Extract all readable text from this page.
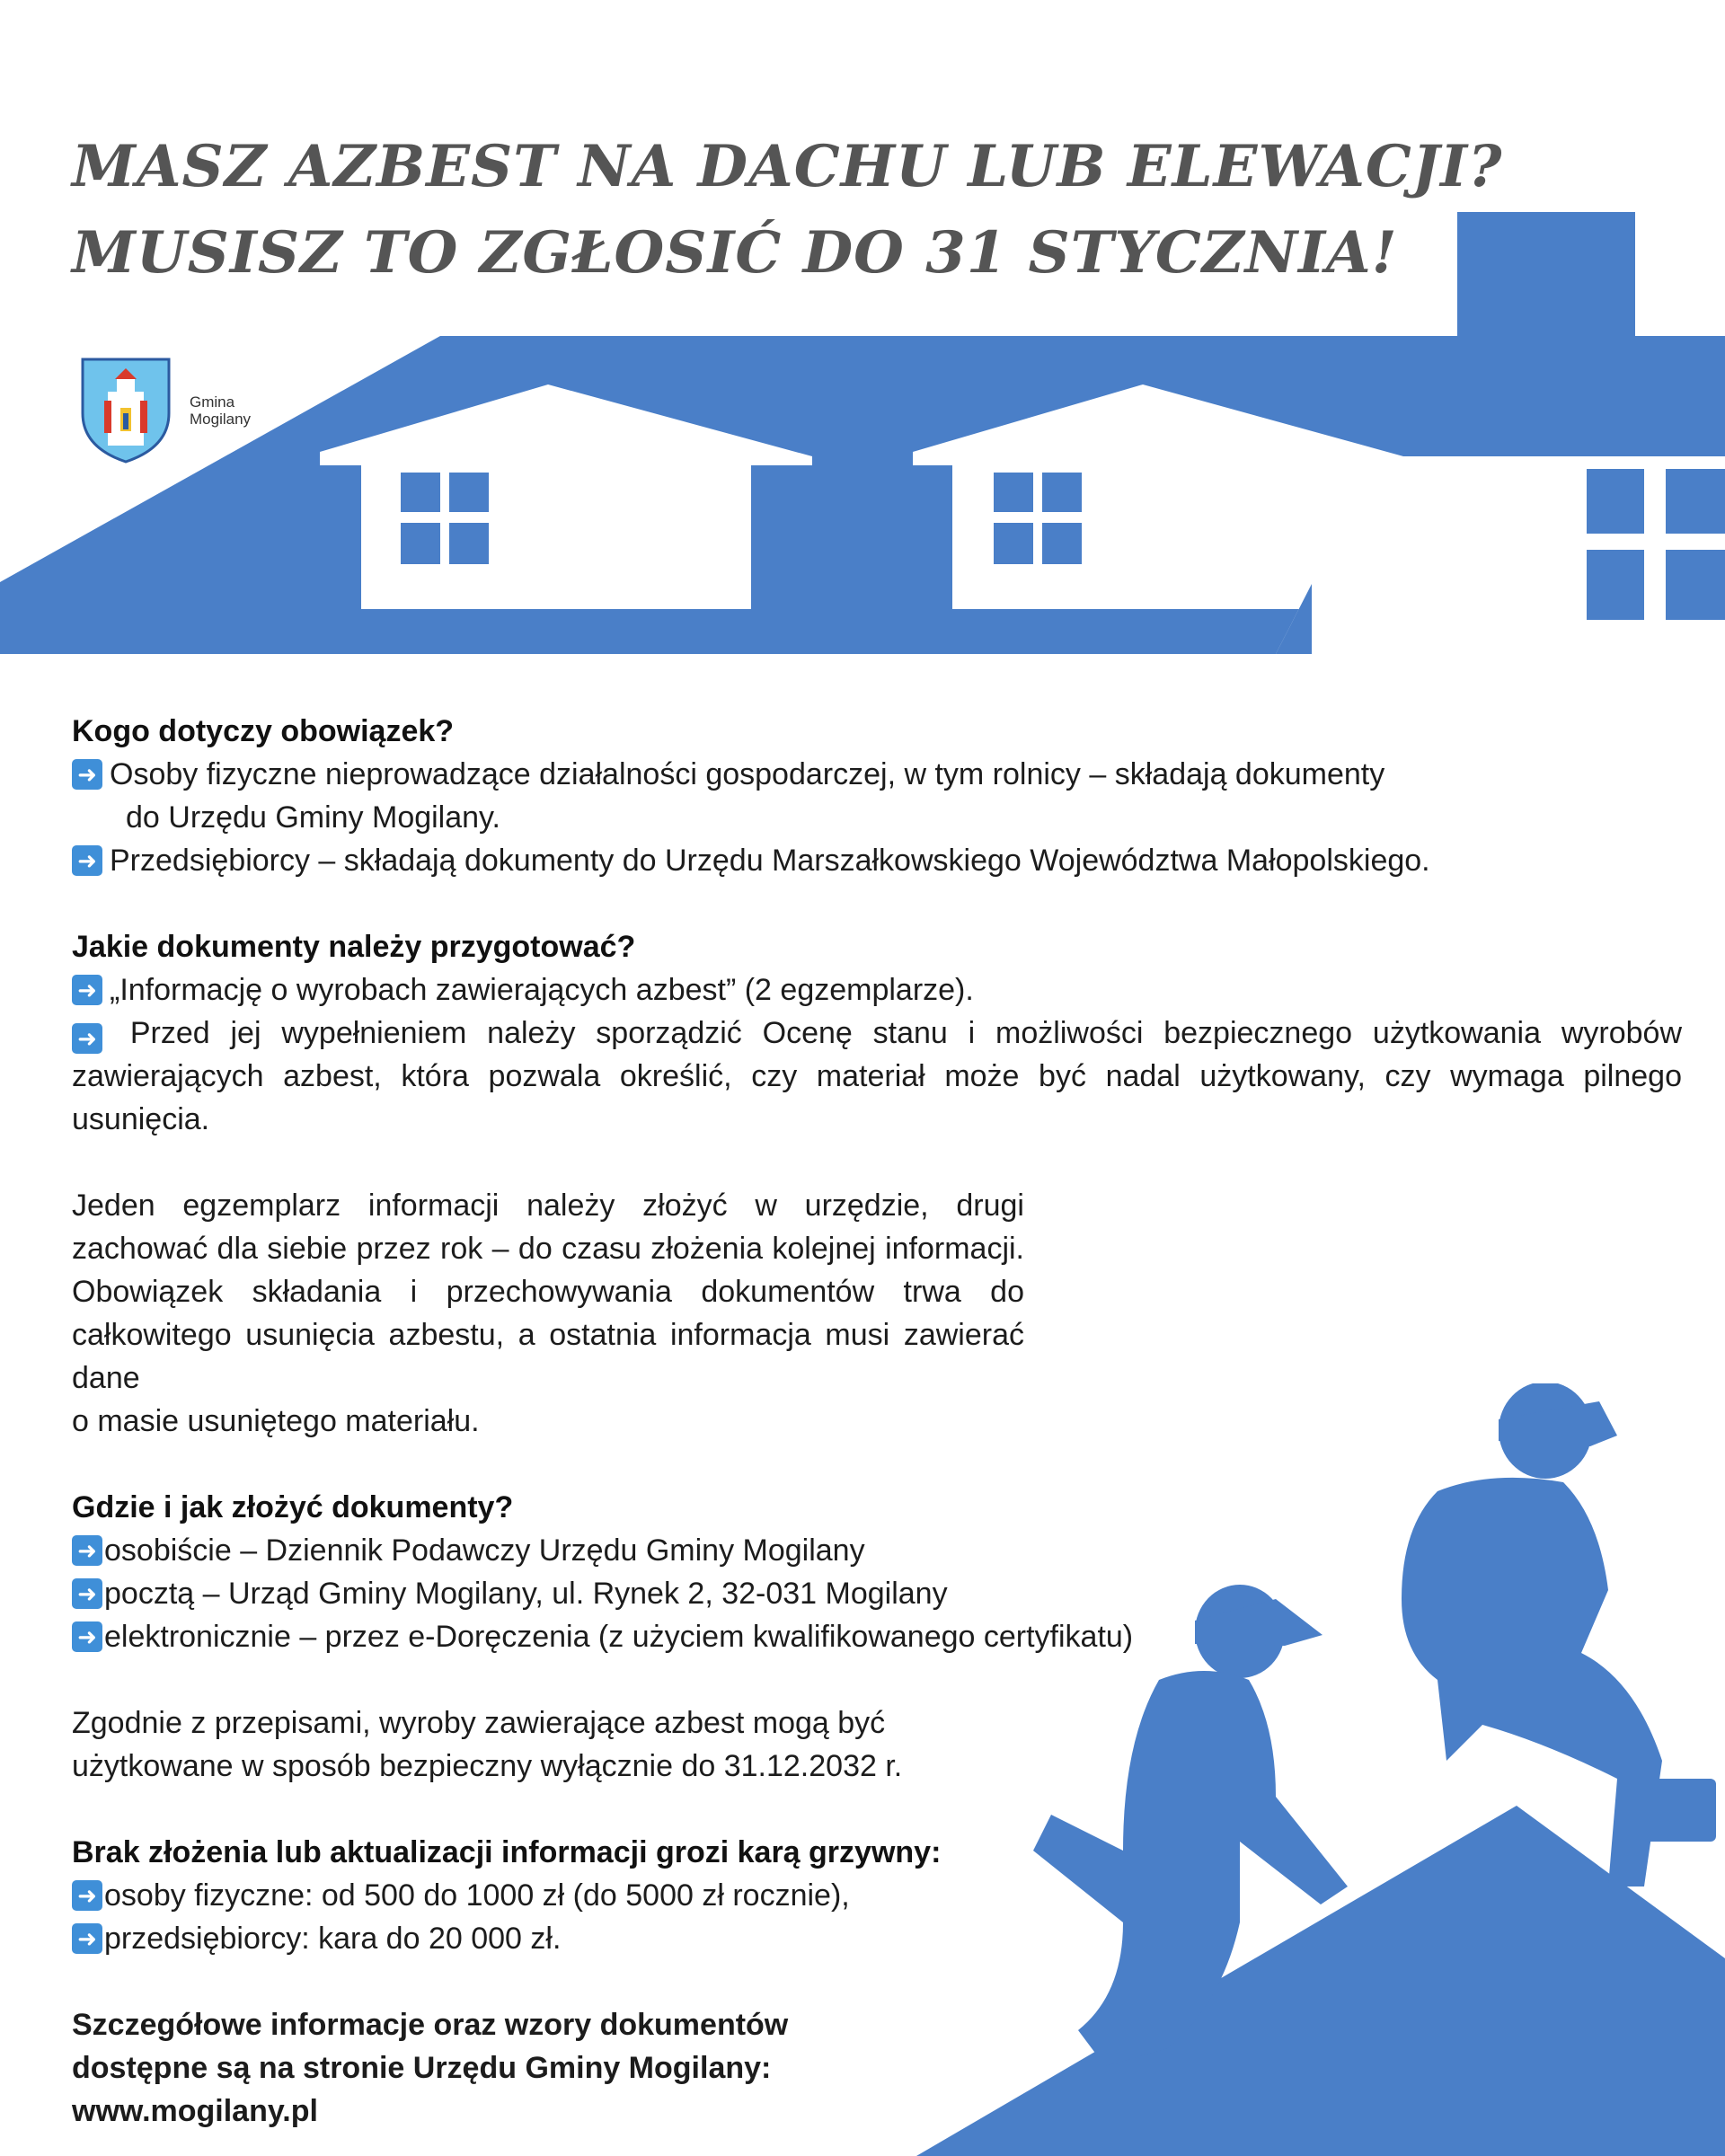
MASZ AZBEST NA DACHU LUB ELEWACJI?
MUSISZ TO ZGŁOSIĆ DO 31 STYCZNIA!
Gmina
Mogilany

Kogo dotyczy obowiązek?

➜ Osoby fizyczne nieprowadzące działalności gospodarczej, w tym rolnicy – składają dokumenty
do Urzędu Gminy Mogilany.
➜ Przedsiębiorcy – składają dokumenty do Urzędu Marszałkowskiego Województwa Małopolskiego.

Jakie dokumenty należy przygotować?

➜ „Informację o wyrobach zawierających azbest” (2 egzemplarze).
➜ Przed jej wypełnieniem należy sporządzić Ocenę stanu i możliwości bezpiecznego użytkowania wyrobów zawierających azbest, która pozwala określić, czy materiał może być nadal użytkowany, czy wymaga pilnego usunięcia.
Jeden egzemplarz informacji należy złożyć w urzędzie, drugi zachować dla siebie przez rok – do czasu złożenia kolejnej informacji. Obowiązek składania i przechowywania dokumentów trwa do całkowitego usunięcia azbestu, a ostatnia informacja musi zawierać dane
o masie usuniętego materiału.

Gdzie i jak złożyć dokumenty?

➜ osobiście – Dziennik Podawczy Urzędu Gminy Mogilany
➜ pocztą – Urząd Gminy Mogilany, ul. Rynek 2, 32-031 Mogilany
➜ elektronicznie – przez e-Doręczenia (z użyciem kwalifikowanego certyfikatu)
Zgodnie z przepisami, wyroby zawierające azbest mogą być
użytkowane w sposób bezpieczny wyłącznie do 31.12.2032 r.

Brak złożenia lub aktualizacji informacji grozi karą grzywny:

➜ osoby fizyczne: od 500 do 1000 zł (do 5000 zł rocznie),
➜ przedsiębiorcy: kara do 20 000 zł.
Szczegółowe informacje oraz wzory dokumentów
dostępne są na stronie Urzędu Gminy Mogilany:
www.mogilany.pl
